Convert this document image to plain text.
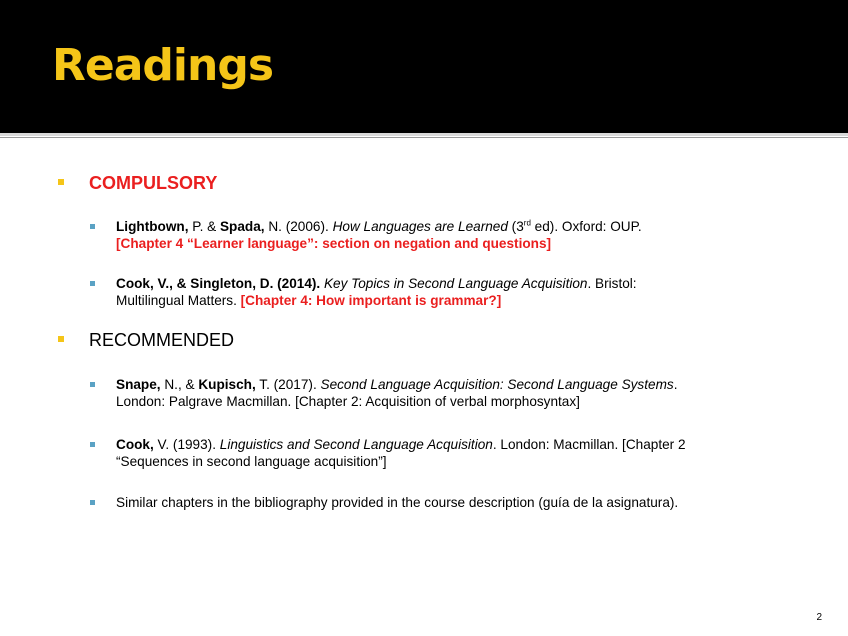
Readings
COMPULSORY
Lightbown, P. & Spada, N. (2006). How Languages are Learned (3rd ed). Oxford: OUP.
[Chapter 4 “Learner language”: section on negation and questions]
Cook, V., & Singleton, D. (2014). Key Topics in Second Language Acquisition. Bristol:
Multilingual Matters. [Chapter 4: How important is grammar?]
RECOMMENDED
Snape, N., & Kupisch, T. (2017). Second Language Acquisition: Second Language Systems.
London: Palgrave Macmillan. [Chapter 2: Acquisition of verbal morphosyntax]
Cook, V. (1993). Linguistics and Second Language Acquisition. London: Macmillan. [Chapter 2
“Sequences in second language acquisition”]
Similar chapters in the bibliography provided in the course description (guía de la asignatura).
2
